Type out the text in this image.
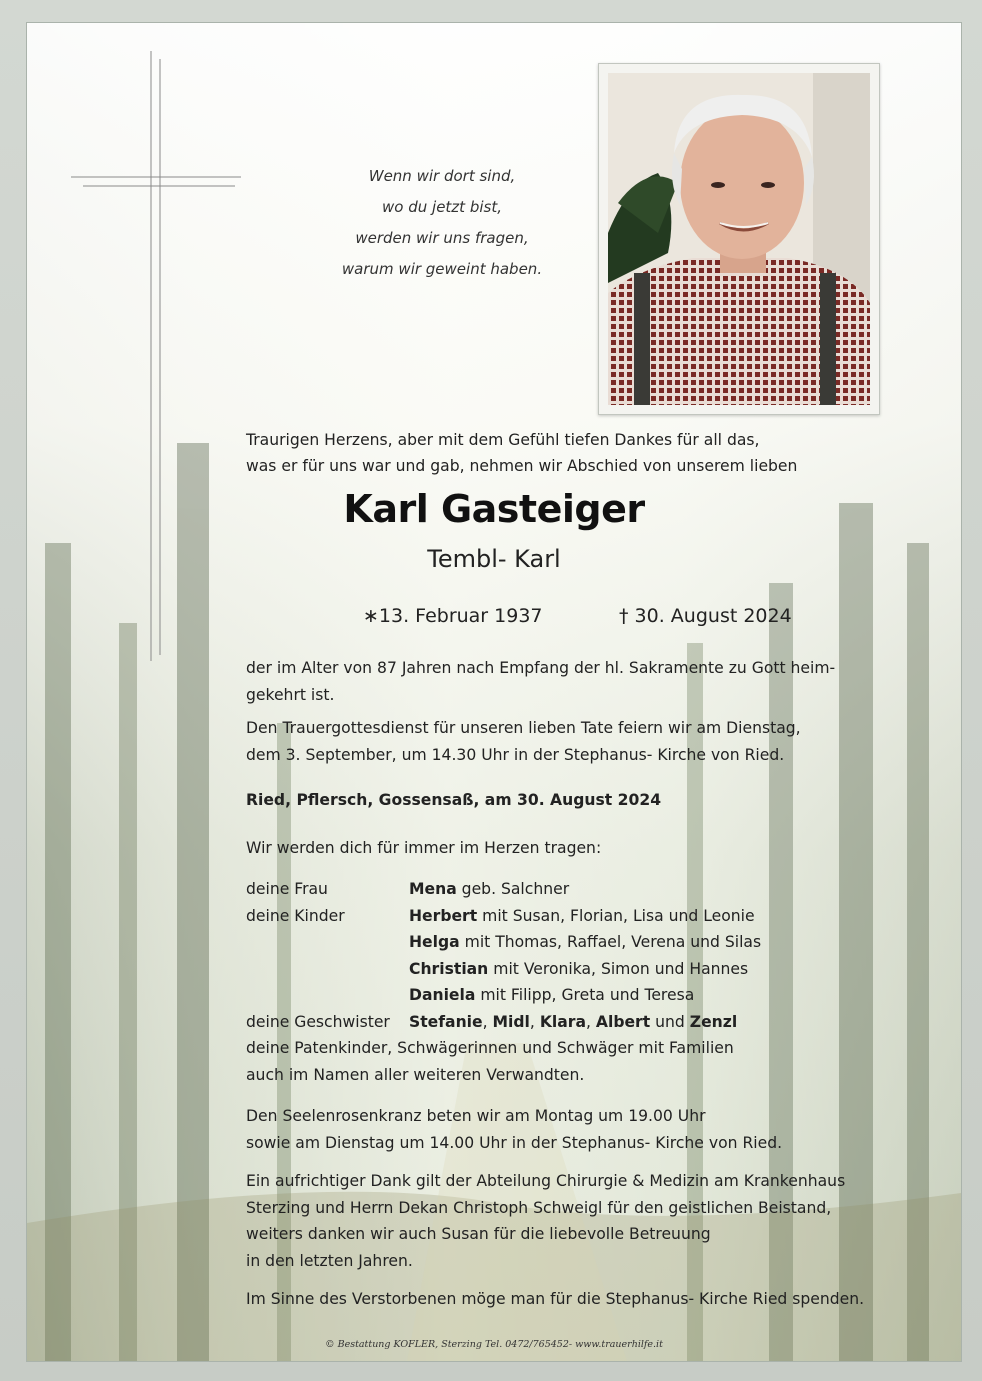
Wenn wir dort sind,
wo du jetzt bist,
werden wir uns fragen,
warum wir geweint haben.
Traurigen Herzens, aber mit dem Gefühl tiefen Dankes für all das,
was er für uns war und gab, nehmen wir Abschied von unserem lieben
Karl Gasteiger
Tembl- Karl
∗13. Februar 1937	† 30. August 2024
der im Alter von 87 Jahren nach Empfang der hl. Sakramente zu Gott heim-
gekehrt ist.
Den Trauergottesdienst für unseren lieben Tate feiern wir am Dienstag,
dem 3. September, um 14.30 Uhr in der Stephanus- Kirche von Ried.
Ried, Pflersch, Gossensaß, am 30. August 2024
Wir werden dich für immer im Herzen tragen:
deine Frau	Mena geb. Salchner
deine Kinder	Herbert mit Susan, Florian, Lisa und Leonie
Helga mit Thomas, Raffael, Verena und Silas
Christian mit Veronika, Simon und Hannes
Daniela mit Filipp, Greta und Teresa
deine Geschwister Stefanie, Midl, Klara, Albert und Zenzl
deine Patenkinder, Schwägerinnen und Schwäger mit Familien
auch im Namen aller weiteren Verwandten.
Den Seelenrosenkranz beten wir am Montag um 19.00 Uhr
sowie am Dienstag um 14.00 Uhr in der Stephanus- Kirche von Ried.
Ein aufrichtiger Dank gilt der Abteilung Chirurgie & Medizin am Krankenhaus
Sterzing und Herrn Dekan Christoph Schweigl für den geistlichen Beistand,
weiters danken wir auch Susan für die liebevolle Betreuung
in den letzten Jahren.
Im Sinne des Verstorbenen möge man für die Stephanus- Kirche Ried spenden.
© Bestattung KOFLER, Sterzing Tel. 0472/765452- www.trauerhilfe.it
